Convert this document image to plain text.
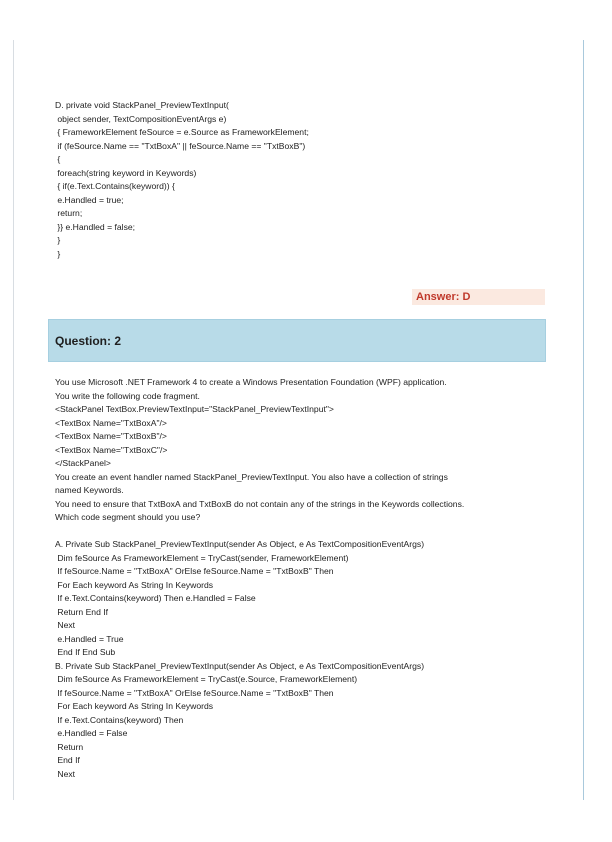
D. private void StackPanel_PreviewTextInput(
object sender, TextCompositionEventArgs e)
{ FrameworkElement feSource = e.Source as FrameworkElement;
if (feSource.Name == "TxtBoxA" || feSource.Name == "TxtBoxB")
{
foreach(string keyword in Keywords)
{ if(e.Text.Contains(keyword)) {
e.Handled = true;
return;
}} e.Handled = false;
}
}
Answer: D
Question: 2
You use Microsoft .NET Framework 4 to create a Windows Presentation Foundation (WPF) application.
You write the following code fragment.
<StackPanel TextBox.PreviewTextInput="StackPanel_PreviewTextInput">
<TextBox Name="TxtBoxA"/>
<TextBox Name="TxtBoxB"/>
<TextBox Name="TxtBoxC"/>
</StackPanel>
You create an event handler named StackPanel_PreviewTextInput. You also have a collection of strings
named Keywords.
You need to ensure that TxtBoxA and TxtBoxB do not contain any of the strings in the Keywords collections.
Which code segment should you use?
A. Private Sub StackPanel_PreviewTextInput(sender As Object, e As TextCompositionEventArgs)
Dim feSource As FrameworkElement = TryCast(sender, FrameworkElement)
If feSource.Name = "TxtBoxA" OrElse feSource.Name = "TxtBoxB" Then
For Each keyword As String In Keywords
If e.Text.Contains(keyword) Then e.Handled = False
Return End If
Next
e.Handled = True
End If End Sub
B. Private Sub StackPanel_PreviewTextInput(sender As Object, e As TextCompositionEventArgs)
Dim feSource As FrameworkElement = TryCast(e.Source, FrameworkElement)
If feSource.Name = "TxtBoxA" OrElse feSource.Name = "TxtBoxB" Then
For Each keyword As String In Keywords
If e.Text.Contains(keyword) Then
e.Handled = False
Return
End If
Next
